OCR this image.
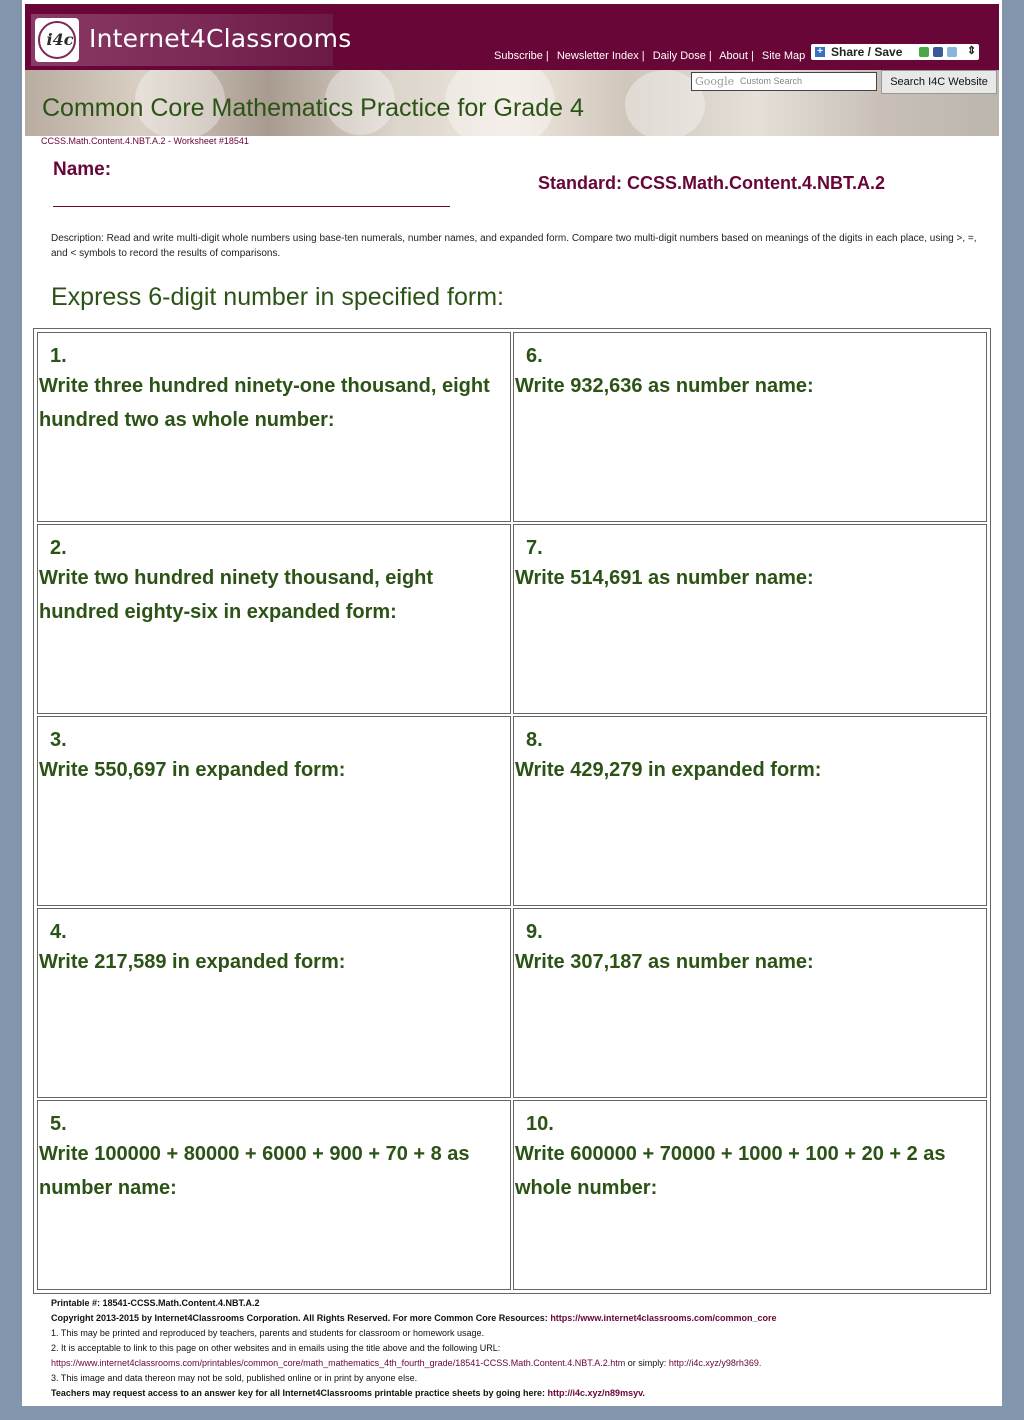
i4c Internet4Classrooms
Subscribe | Newsletter Index | Daily Dose | About | Site Map + Share / Save	⇕
Google Custom Search	Search I4C Website
Common Core Mathematics Practice for Grade 4
CCSS.Math.Content.4.NBT.A.2 - Worksheet #18541
Name:
Standard: CCSS.Math.Content.4.NBT.A.2
Description: Read and write multi-digit whole numbers using base-ten numerals, number names, and expanded form. Compare two multi-digit numbers based on meanings of the digits in each place, using >, =, and < symbols to record the results of comparisons.
Express 6-digit number in specified form:
1.
Write three hundred ninety-one thousand, eight hundred two as whole number:
6.
Write 932,636 as number name:
2.
Write two hundred ninety thousand, eight hundred eighty-six in expanded form:
7.
Write 514,691 as number name:
3.
Write 550,697 in expanded form:
8.
Write 429,279 in expanded form:
4.
Write 217,589 in expanded form:
9.
Write 307,187 as number name:
5.
Write 100000 + 80000 + 6000 + 900 + 70 + 8 as number name:
10.
Write 600000 + 70000 + 1000 + 100 + 20 + 2 as whole number:

Printable #: 18541-CCSS.Math.Content.4.NBT.A.2

Copyright 2013-2015 by Internet4Classrooms Corporation. All Rights Reserved. For more Common Core Resources: https://www.internet4classrooms.com/common_core

1. This may be printed and reproduced by teachers, parents and students for classroom or homework usage.

2. It is acceptable to link to this page on other websites and in emails using the title above and the following URL:

https://www.internet4classrooms.com/printables/common_core/math_mathematics_4th_fourth_grade/18541-CCSS.Math.Content.4.NBT.A.2.htm or simply: http://i4c.xyz/y98rh369.

3. This image and data thereon may not be sold, published online or in print by anyone else.

Teachers may request access to an answer key for all Internet4Classrooms printable practice sheets by going here: http://i4c.xyz/n89msyv.
